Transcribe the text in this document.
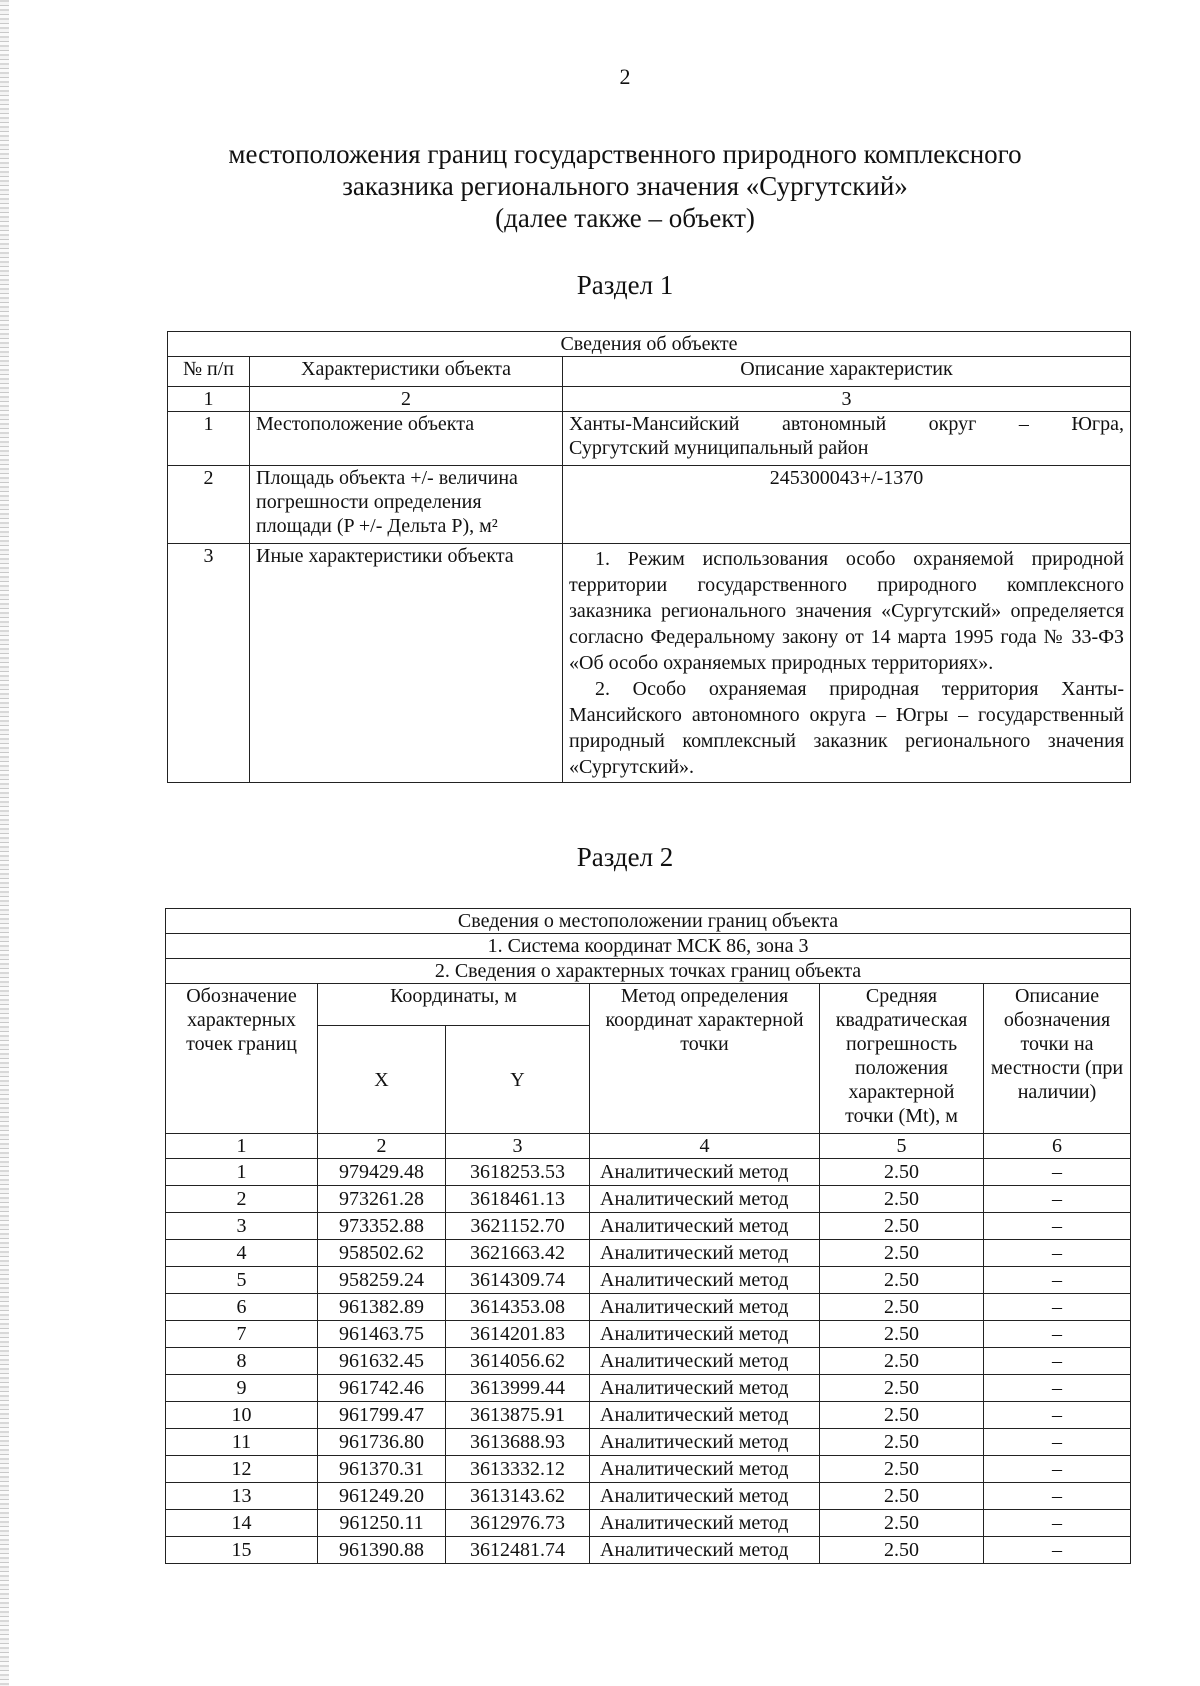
2
местоположения границ государственного природного комплексного
заказника регионального значения «Сургутский»
(далее также – объект)
Раздел 1
Сведения об объекте		
№ п/п	Характеристики объекта	Описание характеристик
1	2	3
1	Местоположение объекта	Ханты-Мансийский автономный округ – Югра,
Сургутский муниципальный район

2	Площадь объекта +/- величина погрешности определения площади (P +/- Дельта P), м²	245300043+/-1370
3	Иные характеристики объекта	1. Режим использования особо охраняемой природной территории государственного природного комплексного заказника регионального значения «Сургутский» определяется согласно Федеральному закону от 14 марта 1995 года № 33-ФЗ «Об особо охраняемых природных территориях».
2. Особо охраняемая природная территория Ханты-Мансийского автономного округа – Югры – государственный природный комплексный заказник регионального значения «Сургутский».
Раздел 2
Сведения о местоположении границ объекта					
1. Система координат МСК 86, зона 3					
2. Сведения о характерных точках границ объекта					
Обозначение характерных точек границ	Координаты, м		Метод определения координат характерной точки	Средняя квадратическая погрешность положения характерной точки (Mt), м	Описание обозначения точки на местности (при наличии)
	X	Y			
1	2	3	4	5	6
1	979429.48	3618253.53	Аналитический метод	2.50	–
2	973261.28	3618461.13	Аналитический метод	2.50	–
3	973352.88	3621152.70	Аналитический метод	2.50	–
4	958502.62	3621663.42	Аналитический метод	2.50	–
5	958259.24	3614309.74	Аналитический метод	2.50	–
6	961382.89	3614353.08	Аналитический метод	2.50	–
7	961463.75	3614201.83	Аналитический метод	2.50	–
8	961632.45	3614056.62	Аналитический метод	2.50	–
9	961742.46	3613999.44	Аналитический метод	2.50	–
10	961799.47	3613875.91	Аналитический метод	2.50	–
11	961736.80	3613688.93	Аналитический метод	2.50	–
12	961370.31	3613332.12	Аналитический метод	2.50	–
13	961249.20	3613143.62	Аналитический метод	2.50	–
14	961250.11	3612976.73	Аналитический метод	2.50	–
15	961390.88	3612481.74	Аналитический метод	2.50	–
